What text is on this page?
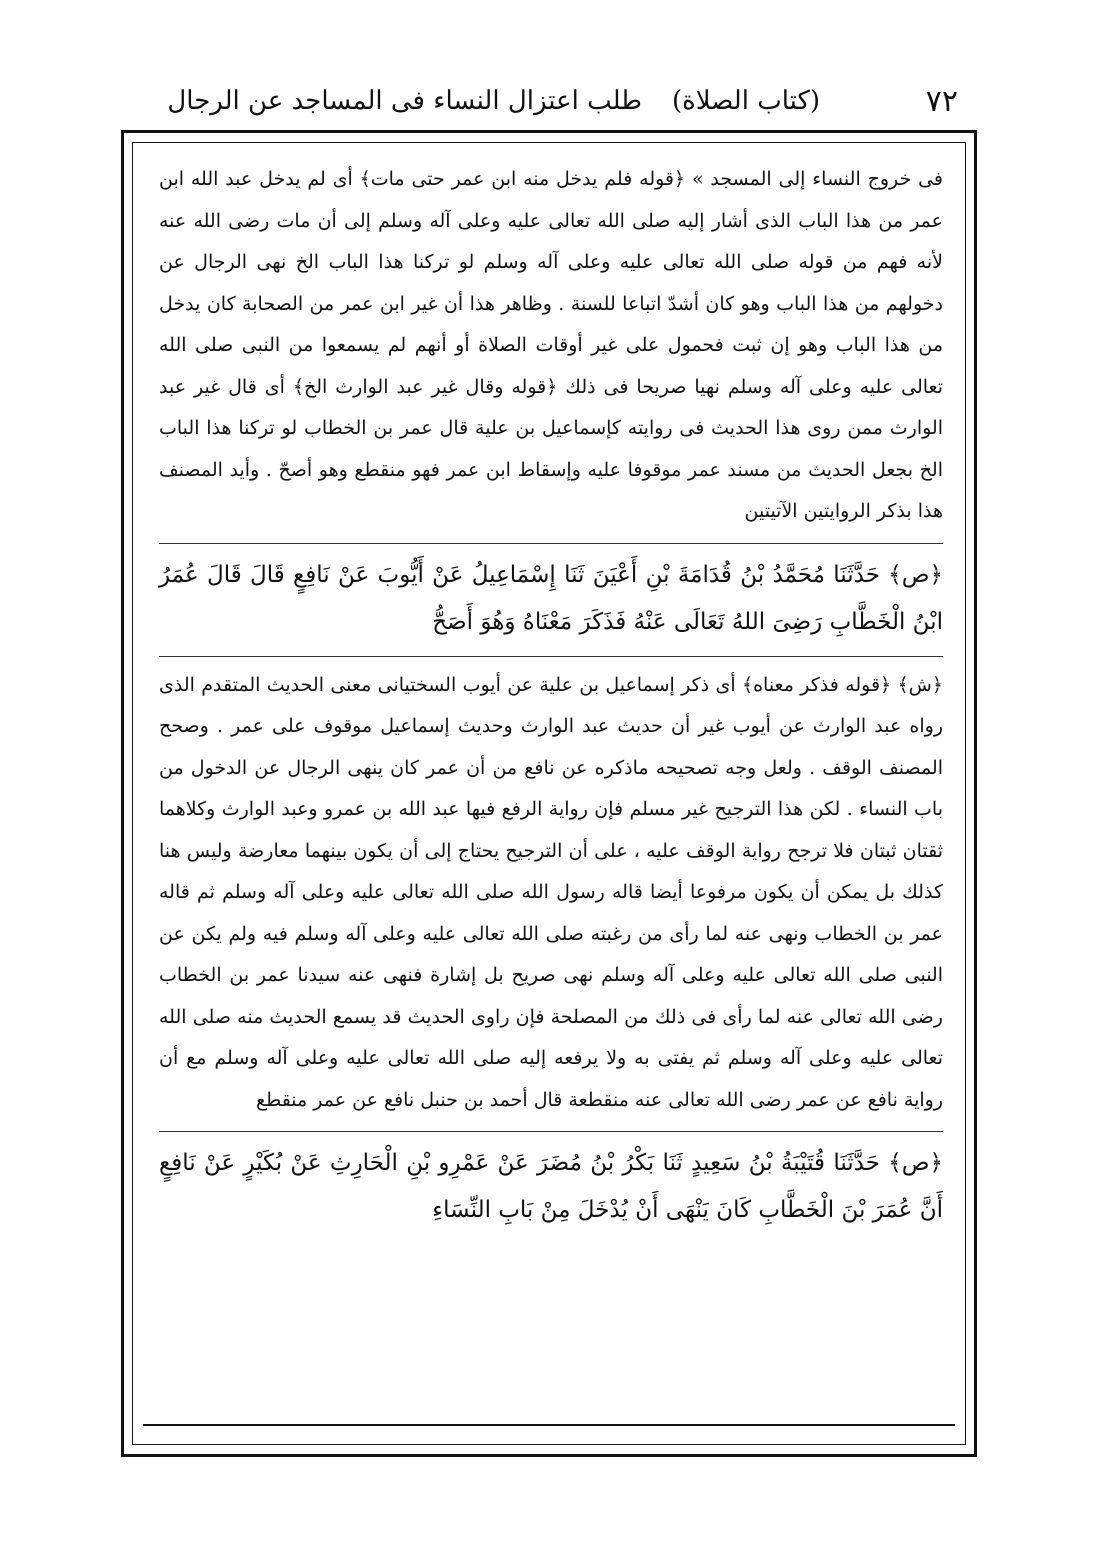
٧٢
(كتاب الصلاة)طلب اعتزال النساء فى المساجد عن الرجال

فى خروج النساء إلى المسجد » ﴿قوله فلم يدخل منه ابن عمر حتى مات﴾ أى لم يدخل عبد الله ابن عمر من هذا الباب الذى أشار إليه صلى الله تعالى عليه وعلى آله وسلم إلى أن مات رضى الله عنه لأنه فهم من قوله صلى الله تعالى عليه وعلى آله وسلم لو تركنا هذا الباب الخ نهى الرجال عن دخولهم من هذا الباب وهو كان أشدّ اتباعا للسنة . وظاهر هذا أن غير ابن عمر من الصحابة كان يدخل من هذا الباب وهو إن ثبت فحمول على غير أوقات الصلاة أو أنهم لم يسمعوا من النبى صلى الله تعالى عليه وعلى آله وسلم نهيا صريحا فى ذلك ﴿قوله وقال غير عبد الوارث الخ﴾ أى قال غير عبد الوارث ممن روى هذا الحديث فى روايته كإسماعيل بن علية قال عمر بن الخطاب لو تركنا هذا الباب الخ بجعل الحديث من مسند عمر موقوفا عليه وإسقاط ابن عمر فهو منقطع وهو أصحّ . وأيد المصنف هذا بذكر الروايتين الآتيتين

﴿ص﴾ حَدَّثَنَا مُحَمَّدُ بْنُ قُدَامَةَ بْنِ أَعْيَنَ ثَنَا إِسْمَاعِيلُ عَنْ أَيُّوبَ عَنْ نَافِعٍ قَالَ قَالَ عُمَرُ ابْنُ الْخَطَّابِ رَضِىَ اللهُ تَعَالَى عَنْهُ فَذَكَرَ مَعْنَاهُ وَهُوَ أَصَحُّ

﴿ش﴾ ﴿قوله فذكر معناه﴾ أى ذكر إسماعيل بن علية عن أيوب السختيانى معنى الحديث المتقدم الذى رواه عبد الوارث عن أيوب غير أن حديث عبد الوارث وحديث إسماعيل موقوف على عمر . وصحح المصنف الوقف . ولعل وجه تصحيحه ماذكره عن نافع من أن عمر كان ينهى الرجال عن الدخول من باب النساء . لكن هذا الترجيح غير مسلم فإن رواية الرفع فيها عبد الله بن عمرو وعبد الوارث وكلاهما ثقتان ثبتان فلا ترجح رواية الوقف عليه ، على أن الترجيح يحتاج إلى أن يكون بينهما معارضة وليس هنا كذلك بل يمكن أن يكون مرفوعا أيضا قاله رسول الله صلى الله تعالى عليه وعلى آله وسلم ثم قاله عمر بن الخطاب ونهى عنه لما رأى من رغبته صلى الله تعالى عليه وعلى آله وسلم فيه ولم يكن عن النبى صلى الله تعالى عليه وعلى آله وسلم نهى صريح بل إشارة فنهى عنه سيدنا عمر بن الخطاب رضى الله تعالى عنه لما رأى فى ذلك من المصلحة فإن راوى الحديث قد يسمع الحديث منه صلى الله تعالى عليه وعلى آله وسلم ثم يفتى به ولا يرفعه إليه صلى الله تعالى عليه وعلى آله وسلم مع أن رواية نافع عن عمر رضى الله تعالى عنه منقطعة قال أحمد بن حنبل نافع عن عمر منقطع

﴿ص﴾ حَدَّثَنَا قُتَيْبَةُ بْنُ سَعِيدٍ ثَنَا بَكْرُ بْنُ مُضَرَ عَنْ عَمْرِو بْنِ الْحَارِثِ عَنْ بُكَيْرٍ عَنْ نَافِعٍ أَنَّ عُمَرَ بْنَ الْخَطَّابِ كَانَ يَنْهَى أَنْ يُدْخَلَ مِنْ بَابِ النِّسَاءِ
